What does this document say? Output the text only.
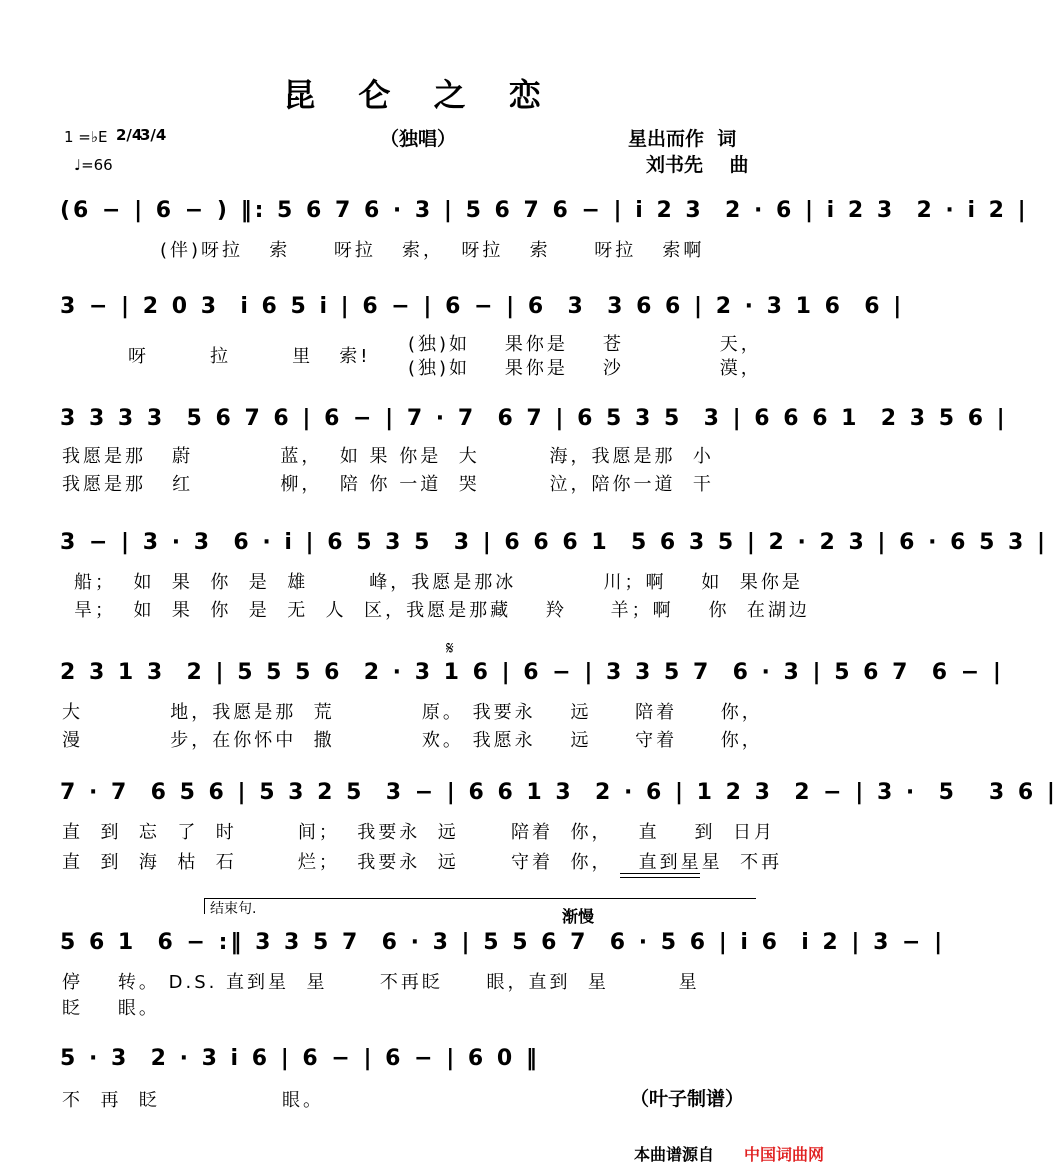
昆 仑 之 恋
1 =♭E 2/4
3/4
♩=66
（独唱）	星出而作  词
刘书先    曲
(6 − | 6 − ) ‖: 5 6 7 6 · 3 | 5 6 7 6 − | i 2 3  2 · 6 | i 2 3  2 · i 2 |
(伴)呀拉   索     呀拉   索，  呀拉   索     呀拉   索啊
3 − | 2 0 3  i 6 5 i | 6 − | 6 − | 6  3  3 6 6 | 2 · 3 1 6  6 |
呀       拉       里   索!
(独)如    果你是    苍           天，
(独)如    果你是    沙           漠，
3 3 3 3  5 6 7 6 | 6 − | 7 · 7  6 7 | 6 5 3 5  3 | 6 6 6 1  2 3 5 6 |
我愿是那   蔚          蓝，  如 果 你是  大        海，我愿是那  小
我愿是那   红          柳，  陪 你 一道  哭        泣，陪你一道  干
3 − | 3 · 3  6 · i | 6 5 3 5  3 | 6 6 6 1  5 6 3 5 | 2 · 2 3 | 6 · 6 5 3 |
船；  如  果  你  是  雄       峰，我愿是那冰          川；啊    如  果你是
旱；  如  果  你  是  无  人  区，我愿是那藏    羚     羊；啊    你  在湖边
𝄋
2 3 1 3  2 | 5 5 5 6  2 · 3 1 6 | 6 − | 3 3 5 7  6 · 3 | 5 6 7  6 − |
大          地，我愿是那  荒          原。 我要永    远     陪着     你，
漫          步，在你怀中  撒          欢。 我愿永    远     守着     你，
7 · 7  6 5 6 | 5 3 2 5  3 − | 6 6 1 3  2 · 6 | 1 2 3  2 − | 3 ·  5   3 6 |
直  到  忘  了  时       间；  我要永  远      陪着  你，   直    到  日月
直  到  海  枯  石       烂；  我要永  远      守着  你，   直到星星  不再
结束句.	渐慢
5 6 1  6 − :‖ 3 3 5 7  6 · 3 | 5 5 6 7  6 · 5 6 | i 6  i 2 | 3 − |
停    转。 D.S. 直到星  星      不再眨     眼，直到  星        星
眨    眼。
5 · 3  2 · 3 i 6 | 6 − | 6 − | 6 0 ‖
不  再  眨              眼。	（叶子制谱）
本曲谱源自 中国词曲网
